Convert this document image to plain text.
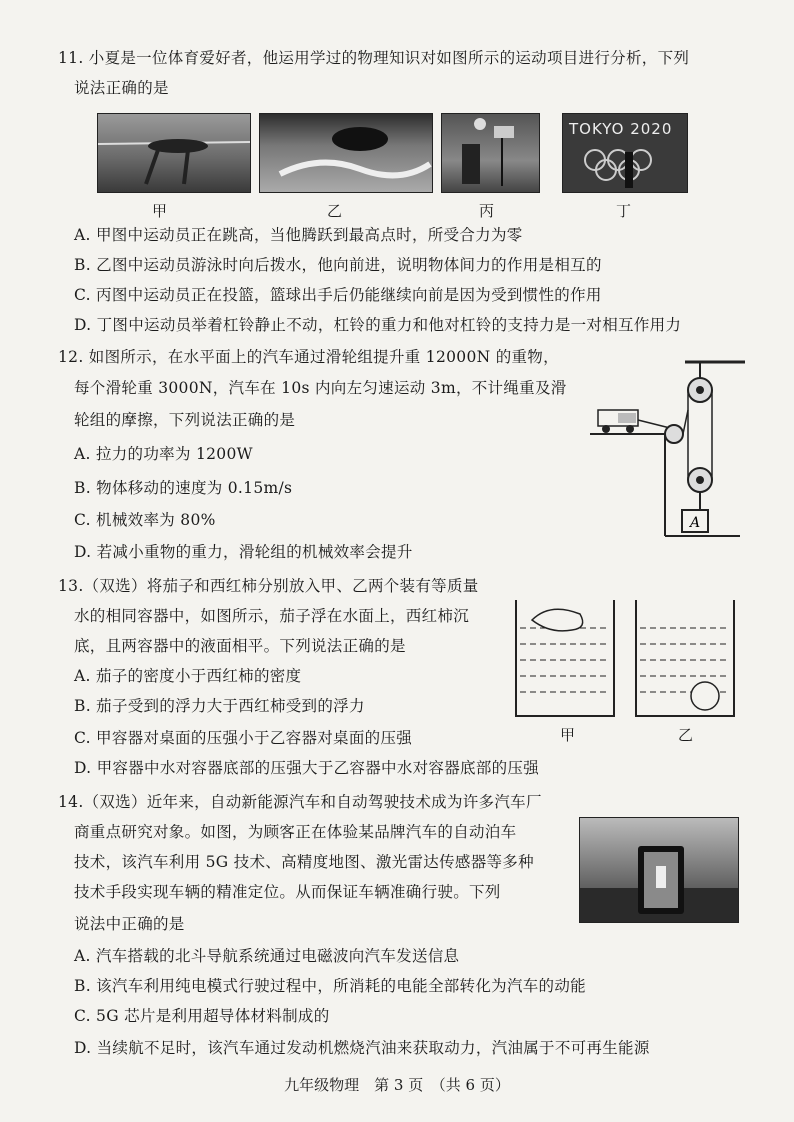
11. 小夏是一位体育爱好者，他运用学过的物理知识对如图所示的运动项目进行分析，下列
说法正确的是
TOKYO 2020
甲	乙	丙	丁
A. 甲图中运动员正在跳高，当他腾跃到最高点时，所受合力为零
B. 乙图中运动员游泳时向后拨水，他向前进，说明物体间力的作用是相互的
C. 丙图中运动员正在投篮，篮球出手后仍能继续向前是因为受到惯性的作用
D. 丁图中运动员举着杠铃静止不动，杠铃的重力和他对杠铃的支持力是一对相互作用力
12. 如图所示，在水平面上的汽车通过滑轮组提升重 12000N 的重物，
每个滑轮重 3000N，汽车在 10s 内向左匀速运动 3m，不计绳重及滑
轮组的摩擦，下列说法正确的是
A. 拉力的功率为 1200W
B. 物体移动的速度为 0.15m/s
C. 机械效率为 80%
D. 若减小重物的重力，滑轮组的机械效率会提升
A
13.（双选）将茄子和西红柿分别放入甲、乙两个装有等质量
水的相同容器中，如图所示，茄子浮在水面上，西红柿沉
底，且两容器中的液面相平。下列说法正确的是
A. 茄子的密度小于西红柿的密度
B. 茄子受到的浮力大于西红柿受到的浮力
C. 甲容器对桌面的压强小于乙容器对桌面的压强
D. 甲容器中水对容器底部的压强大于乙容器中水对容器底部的压强
甲	乙
14.（双选）近年来，自动新能源汽车和自动驾驶技术成为许多汽车厂
商重点研究对象。如图，为顾客正在体验某品牌汽车的自动泊车
技术，该汽车利用 5G 技术、高精度地图、激光雷达传感器等多种
技术手段实现车辆的精准定位。从而保证车辆准确行驶。下列
说法中正确的是
A. 汽车搭载的北斗导航系统通过电磁波向汽车发送信息
B. 该汽车利用纯电模式行驶过程中，所消耗的电能全部转化为汽车的动能
C. 5G 芯片是利用超导体材料制成的
D. 当续航不足时，该汽车通过发动机燃烧汽油来获取动力，汽油属于不可再生能源
九年级物理　第 3 页　（共 6 页）
